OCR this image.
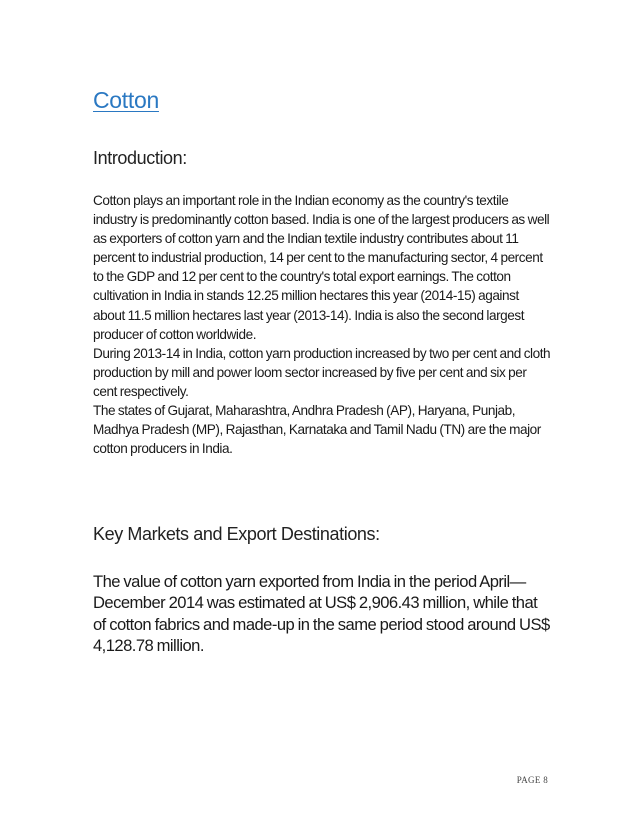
Cotton
Introduction:

Cotton plays an important role in the Indian economy as the country's textile industry is predominantly cotton based. India is one of the largest producers as well as exporters of cotton yarn and the Indian textile industry contributes about 11 percent to industrial production, 14 per cent to the manufacturing sector, 4 percent to the GDP and 12 per cent to the country's total export earnings. The cotton cultivation in India in stands 12.25 million hectares this year (2014-15) against about 11.5 million hectares last year (2013-14). India is also the second largest producer of cotton worldwide.

During 2013-14 in India, cotton yarn production increased by two per cent and cloth production by mill and power loom sector increased by five per cent and six per cent respectively.

The states of Gujarat, Maharashtra, Andhra Pradesh (AP), Haryana, Punjab, Madhya Pradesh (MP), Rajasthan, Karnataka and Tamil Nadu (TN) are the major cotton producers in India.

Key Markets and Export Destinations:

The value of cotton yarn exported from India in the period April—December 2014 was estimated at US$ 2,906.43 million, while that of cotton fabrics and made-up in the same period stood around US$ 4,128.78 million.

PAGE 8
